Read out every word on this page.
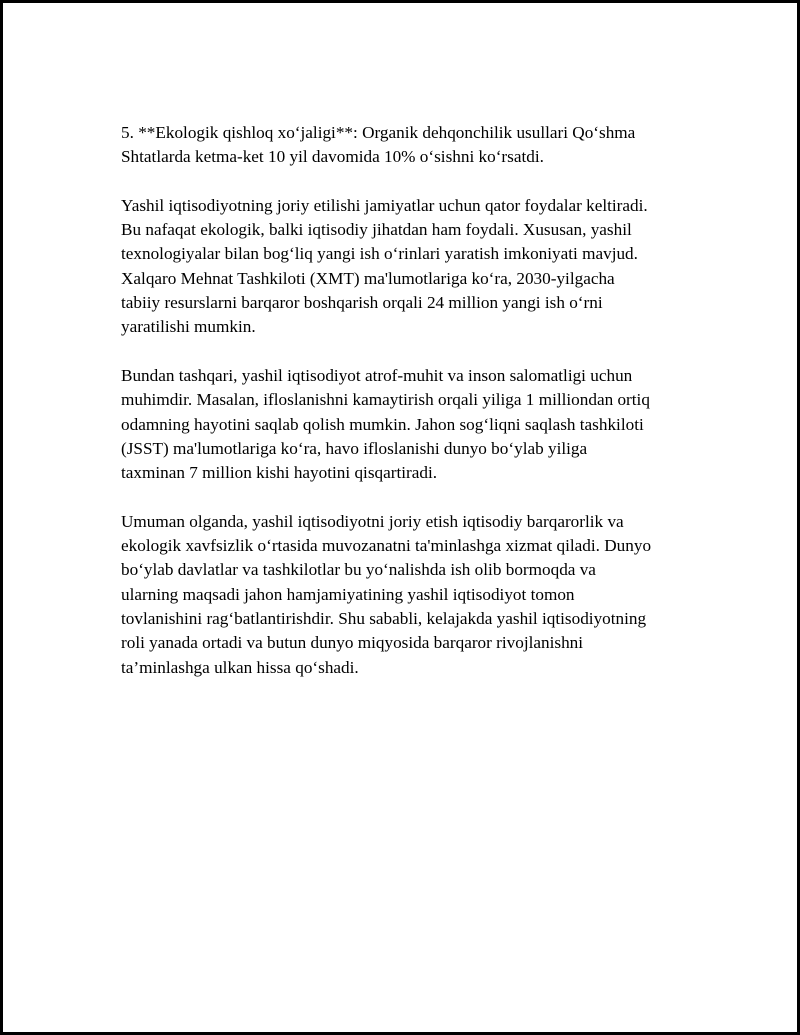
5. **Ekologik qishloq xo‘jaligi**: Organik dehqonchilik usullari Qo‘shma
Shtatlarda ketma-ket 10 yil davomida 10% o‘sishni ko‘rsatdi.

Yashil iqtisodiyotning joriy etilishi jamiyatlar uchun qator foydalar keltiradi.
Bu nafaqat ekologik, balki iqtisodiy jihatdan ham foydali. Xususan, yashil
texnologiyalar bilan bog‘liq yangi ish o‘rinlari yaratish imkoniyati mavjud.
Xalqaro Mehnat Tashkiloti (XMT) ma'lumotlariga ko‘ra, 2030-yilgacha
tabiiy resurslarni barqaror boshqarish orqali 24 million yangi ish o‘rni
yaratilishi mumkin.

Bundan tashqari, yashil iqtisodiyot atrof-muhit va inson salomatligi uchun
muhimdir. Masalan, ifloslanishni kamaytirish orqali yiliga 1 milliondan ortiq
odamning hayotini saqlab qolish mumkin. Jahon sog‘liqni saqlash tashkiloti
(JSST) ma'lumotlariga ko‘ra, havo ifloslanishi dunyo bo‘ylab yiliga
taxminan 7 million kishi hayotini qisqartiradi.

Umuman olganda, yashil iqtisodiyotni joriy etish iqtisodiy barqarorlik va
ekologik xavfsizlik o‘rtasida muvozanatni ta'minlashga xizmat qiladi. Dunyo
bo‘ylab davlatlar va tashkilotlar bu yo‘nalishda ish olib bormoqda va
ularning maqsadi jahon hamjamiyatining yashil iqtisodiyot tomon
tovlanishini rag‘batlantirishdir. Shu sababli, kelajakda yashil iqtisodiyotning
roli yanada ortadi va butun dunyo miqyosida barqaror rivojlanishni
ta’minlashga ulkan hissa qo‘shadi.
